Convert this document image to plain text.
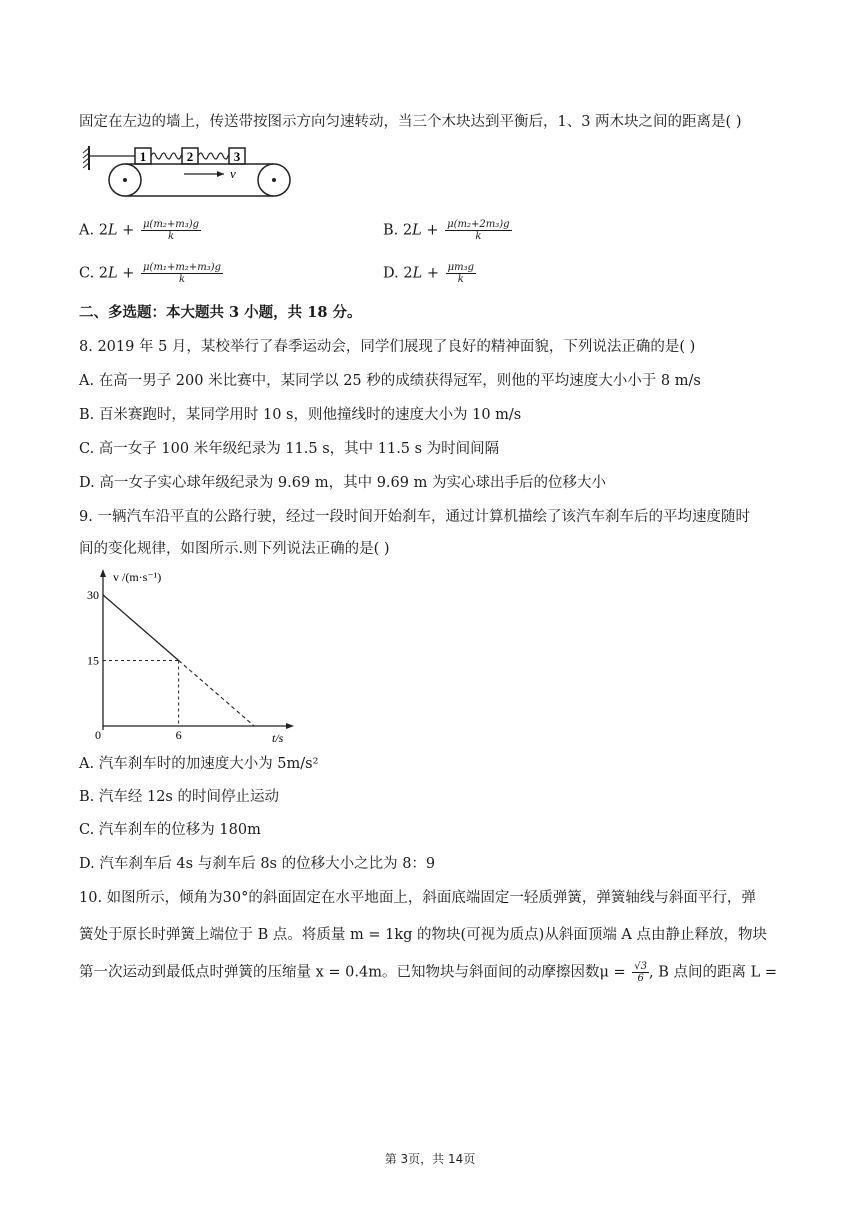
固定在左边的墙上，传送带按图示方向匀速转动，当三个木块达到平衡后，1、3 两木块之间的距离是( )
1	2	3
v
A. $2L + \frac{\text{μ(m₂+m₃)g}}{k}$	B. $2L + \frac{\text{μ(m₂+2m₃)g}}{k}$
C. $2L + \frac{\text{μ(m₁+m₂+m₃)g}}{k}$	D. $2L + \frac{\text{μm₃g}}{k}$
二、多选题：本大题共 3 小题，共 18 分。
8. 2019 年 5 月，某校举行了春季运动会，同学们展现了良好的精神面貌，下列说法正确的是( )
A. 在高一男子 200 米比赛中，某同学以 25 秒的成绩获得冠军，则他的平均速度大小小于 8 m/s
B. 百米赛跑时，某同学用时 10 s，则他撞线时的速度大小为 10 m/s
C. 高一女子 100 米年级纪录为 11.5 s，其中 11.5 s 为时间间隔
D. 高一女子实心球年级纪录为 9.69 m，其中 9.69 m 为实心球出手后的位移大小
9. 一辆汽车沿平直的公路行驶，经过一段时间开始刹车，通过计算机描绘了该汽车刹车后的平均速度随时
间的变化规律，如图所示.则下列说法正确的是( )
v /(m·s⁻¹)
t/s
0
30
15
6
A. 汽车刹车时的加速度大小为 5m/s²
B. 汽车经 12s 的时间停止运动
C. 汽车刹车的位移为 180m
D. 汽车刹车后 4s 与刹车后 8s 的位移大小之比为 8：9
10. 如图所示，倾角为30°的斜面固定在水平地面上，斜面底端固定一轻质弹簧，弹簧轴线与斜面平行，弹
簧处于原长时弹簧上端位于 B 点。将质量 m = 1kg 的物块(可视为质点)从斜面顶端 A 点由静止释放，物块
第一次运动到最低点时弹簧的压缩量 x = 0.4m。已知物块与斜面间的动摩擦因数$\mu = \frac{√3}{6}$ , B 点间的距离 L =
第 3页，共 14页
